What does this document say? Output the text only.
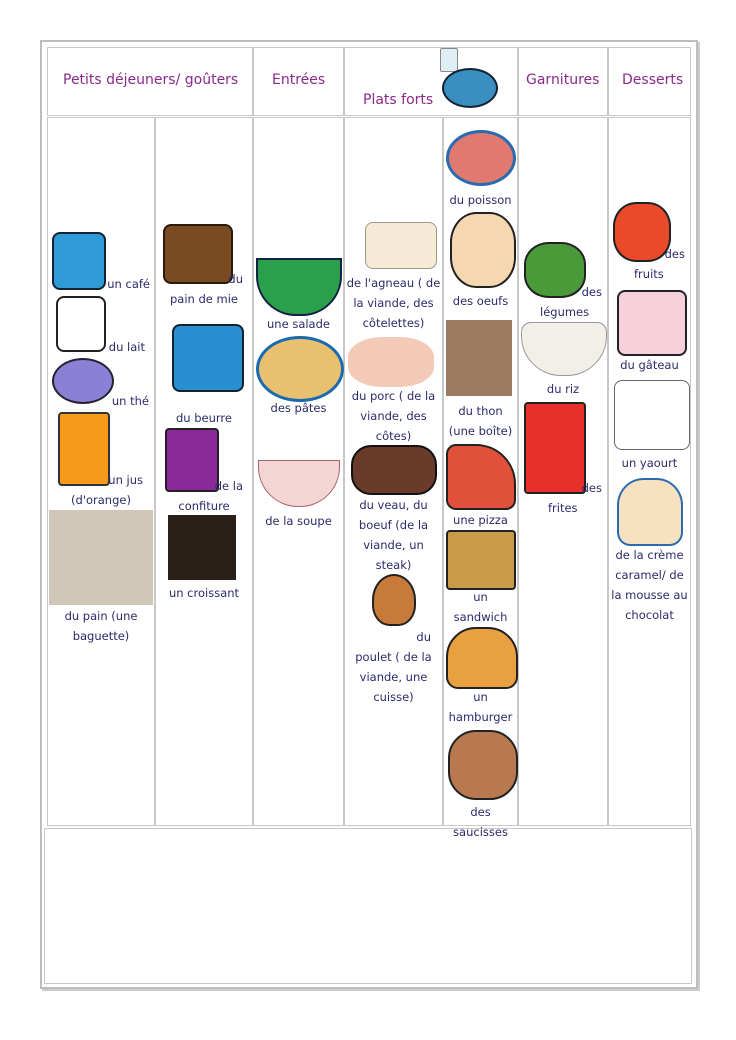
Petits déjeuners/ goûters Entrées
Plats forts
Garnitures Desserts
un café
du lait
un thé
un jus
(d'orange)
du pain (une
baguette)
du
pain de mie
du beurre
de la
confiture
un croissant
une salade
des pâtes
de la soupe
de l'agneau ( de
la viande, des
côtelettes)
du porc ( de la
viande, des
côtes)
du veau, du
boeuf (de la
viande, un
steak)
du
poulet ( de la
viande, une
cuisse)
du poisson
des oeufs
du thon
(une boîte)
une pizza
un
sandwich
un
hamburger
des saucisses
des
légumes
du riz
des
frites
des
fruits
du gâteau
un yaourt
de la crème
caramel/ de
la mousse au
chocolat
